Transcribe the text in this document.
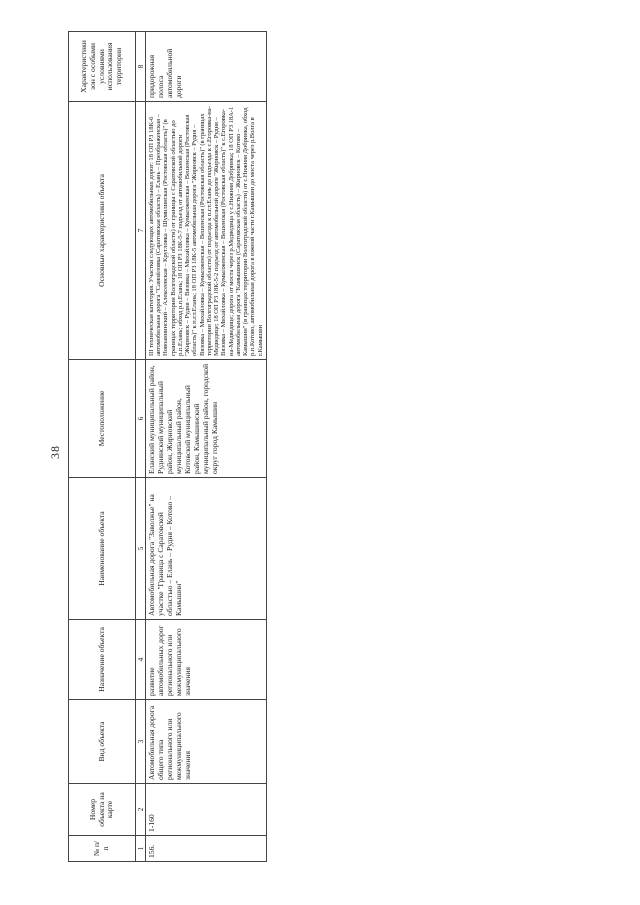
38
№ п/п	Номер объекта на карте	Вид объекта	Назначение объекта	Наименование объекта	Местоположение	Основные характеристики объекта	Характеристики зон с особыми условиями использования территории
1	2	3	4	5	6	7	8
156.	1-160	Автомобильная дорога общего типа регионального или межмуниципального значения	развитие автомобильных дорог регионального или межмуниципального значения	Автомобильная дорога "Заволжье" на участке "Граница с Саратовской областью – Елань – Рудня – Котово – Камышин"	Еланский муниципальный район, Руднянский муниципальный район, Жирновский муниципальный район, Котовский муниципальный район, Камышинский муниципальный район, городской округ город Камышин	III техническая категория. Участки следующих автомобильных дорог: 18 ОП РЗ 18К-6 автомобильная дорога "Самойловка (Саратовская область) – Елань – Преображенская – Новоаннинский – Алексеевская – Кругловка – Шумилинская (Ростовская область)" (в границах территории Волгоградской области) от границы с Саратовской областью до р.п.Елань; обход р.п.Елань; 18 ОП РЗ 18К-5-7 подъезд от автомобильной дороги "Жирновск – Рудня – Вязовка – Михайловка – Кумылженская – Вешенская (Ростовская область)" к п.г.т.Елань; 18 ОП РЗ 18К-5 автомобильная дорога "Жирновск – Рудня – Вязовка – Михайловка – Кумылженская – Вешенская (Ростовская область)" (в границах территории Волгоградской области) от подъезда к п.г.т.Елань до подъезда к с.Егоровка-на-Медведице; 18 ОП РЗ 18К-5-2 подъезд от автомобильной дороги "Жирновск – Рудня – Вязовка – Михайловка – Кумылженская – Вешенская (Ростовская область)" к с.Егоровка-на-Медведице; дорога от моста через р.Медведица у с.Нижняя Добринка; 18 ОП РЗ 18А-1 автомобильная дорога "Камышинск (Саратовская область) – Жирновск – Котово – Камышин" (в границах территории Волгоградской области) от с.Нижняя Добринка, обход р.п.Котово, автомобильная дорога в южной части г.Камышин до моста через р.Волга в г.Камышин	придорожная полоса автомобильной дороги
